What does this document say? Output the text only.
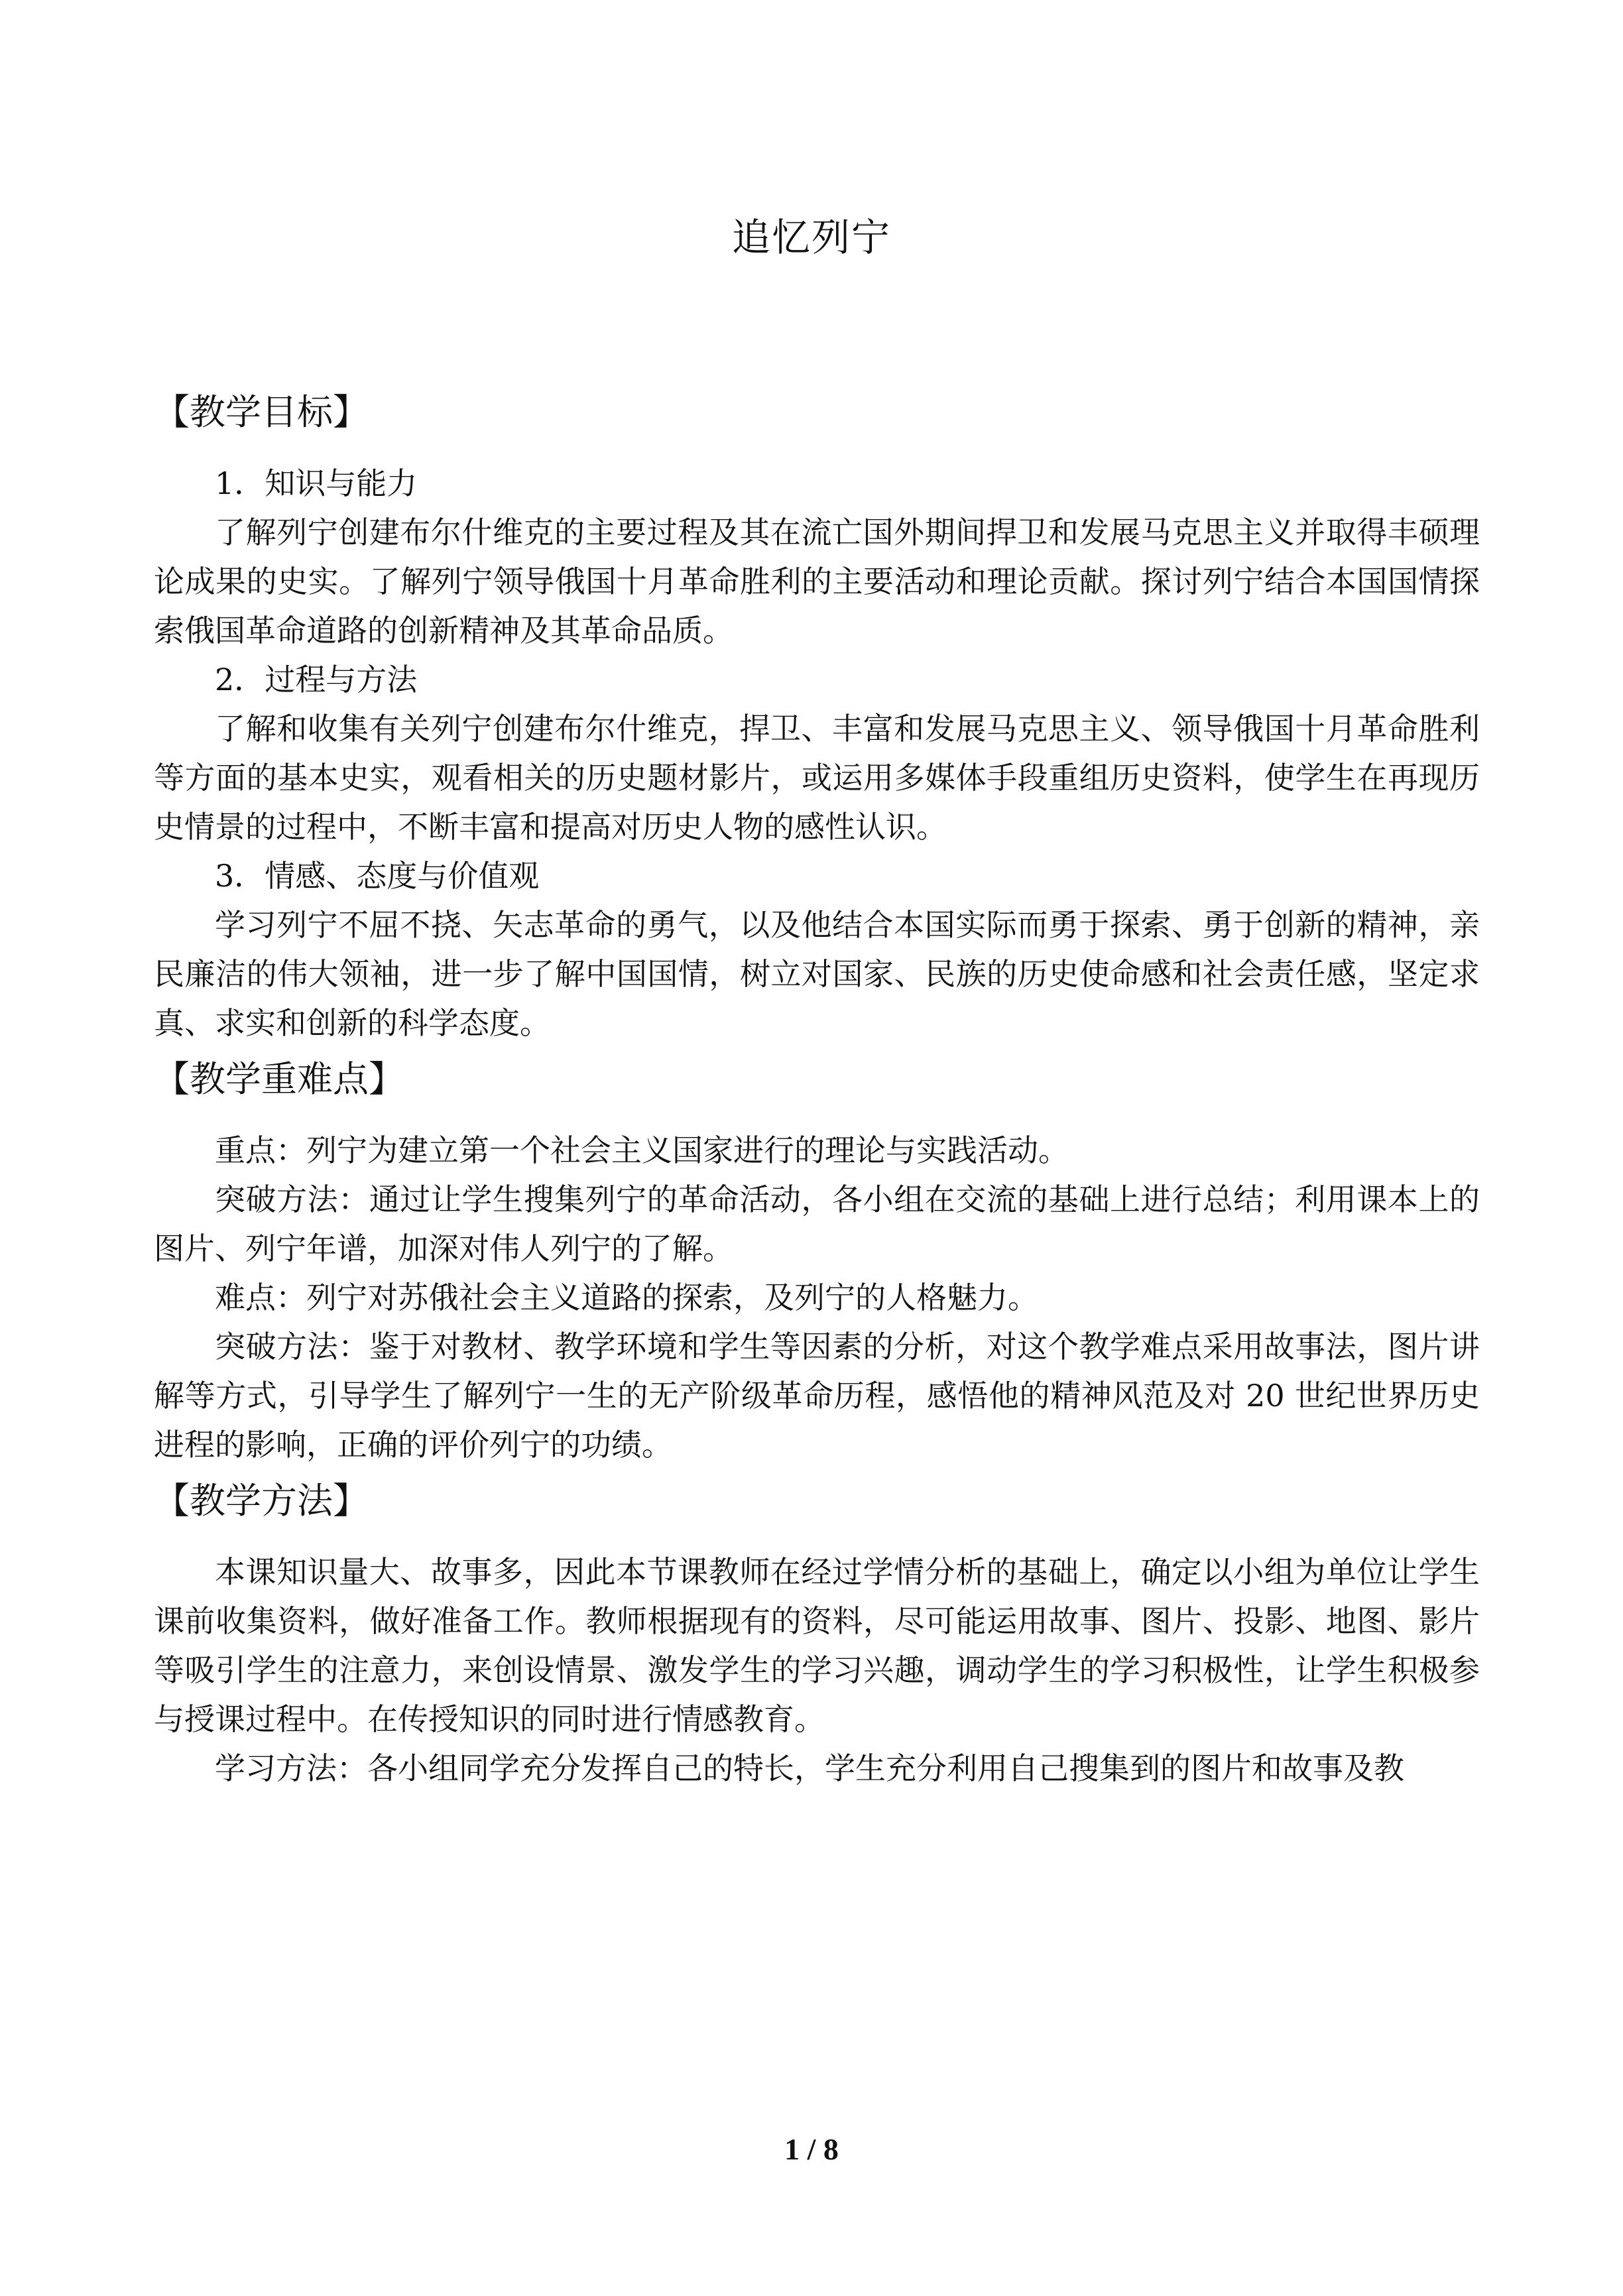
追忆列宁
【教学目标】

1．知识与能力

了解列宁创建布尔什维克的主要过程及其在流亡国外期间捍卫和发展马克思主义并取得丰硕理论成果的史实。了解列宁领导俄国十月革命胜利的主要活动和理论贡献。探讨列宁结合本国国情探索俄国革命道路的创新精神及其革命品质。

2．过程与方法

了解和收集有关列宁创建布尔什维克，捍卫、丰富和发展马克思主义、领导俄国十月革命胜利等方面的基本史实，观看相关的历史题材影片，或运用多媒体手段重组历史资料，使学生在再现历史情景的过程中，不断丰富和提高对历史人物的感性认识。

3．情感、态度与价值观

学习列宁不屈不挠、矢志革命的勇气，以及他结合本国实际而勇于探索、勇于创新的精神，亲民廉洁的伟大领袖，进一步了解中国国情，树立对国家、民族的历史使命感和社会责任感，坚定求真、求实和创新的科学态度。

【教学重难点】

重点：列宁为建立第一个社会主义国家进行的理论与实践活动。

突破方法：通过让学生搜集列宁的革命活动，各小组在交流的基础上进行总结；利用课本上的图片、列宁年谱，加深对伟人列宁的了解。

难点：列宁对苏俄社会主义道路的探索，及列宁的人格魅力。

突破方法：鉴于对教材、教学环境和学生等因素的分析，对这个教学难点采用故事法，图片讲解等方式，引导学生了解列宁一生的无产阶级革命历程，感悟他的精神风范及对 20 世纪世界历史进程的影响，正确的评价列宁的功绩。

【教学方法】

本课知识量大、故事多，因此本节课教师在经过学情分析的基础上，确定以小组为单位让学生课前收集资料，做好准备工作。教师根据现有的资料，尽可能运用故事、图片、投影、地图、影片等吸引学生的注意力，来创设情景、激发学生的学习兴趣，调动学生的学习积极性，让学生积极参与授课过程中。在传授知识的同时进行情感教育。

学习方法：各小组同学充分发挥自己的特长，学生充分利用自己搜集到的图片和故事及教

1 / 8
